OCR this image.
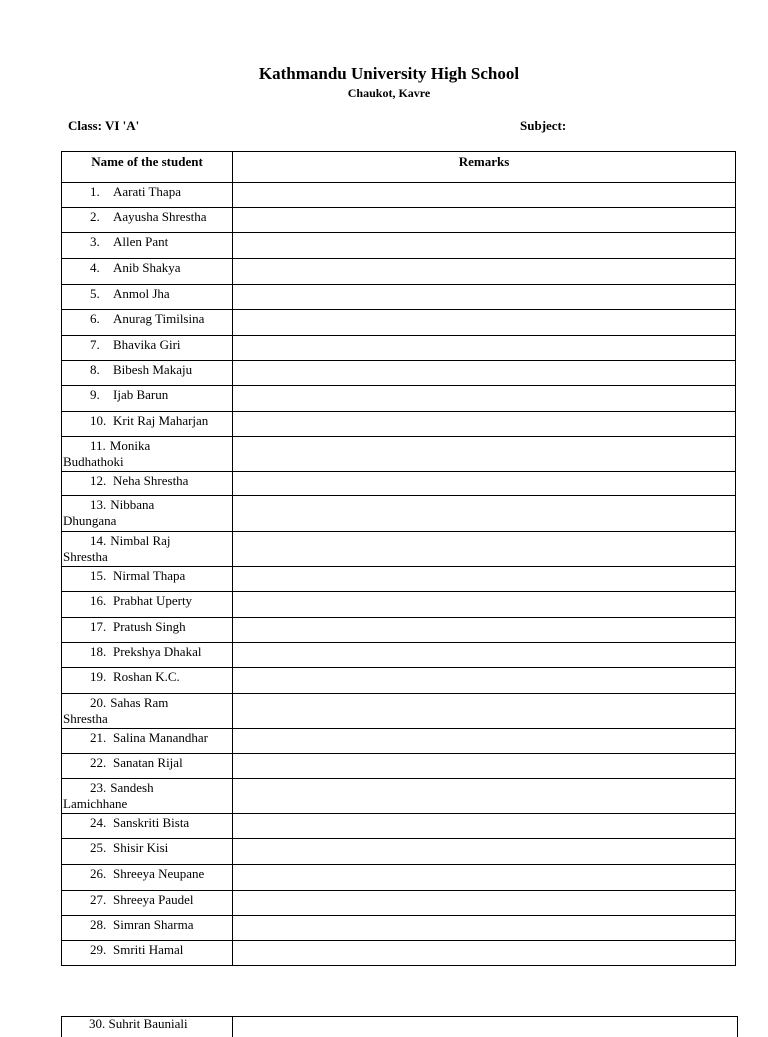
Kathmandu University High School
Chaukot, Kavre
Class: VI 'A'	Subject:
Name of the student	Remarks
1. Aarati Thapa	
2. Aayusha Shrestha	
3. Allen Pant	
4. Anib Shakya	
5. Anmol Jha	
6. Anurag Timilsina	
7. Bhavika Giri	
8. Bibesh Makaju	
9. Ijab Barun	
10. Krit Raj Maharjan	
11. Monika
Budhathoki	

12. Neha Shrestha	
13. Nibbana
Dhungana	

14. Nimbal Raj
Shrestha	

15. Nirmal Thapa	
16. Prabhat Uperty	
17. Pratush Singh	
18. Prekshya Dhakal	
19. Roshan K.C.	
20. Sahas Ram
Shrestha	

21. Salina Manandhar	
22. Sanatan Rijal	
23. Sandesh
Lamichhane	

24. Sanskriti Bista	
25. Shisir Kisi	
26. Shreeya Neupane	
27. Shreeya Paudel	
28. Simran Sharma	
29. Smriti Hamal	
30. Suhrit Bauniali
